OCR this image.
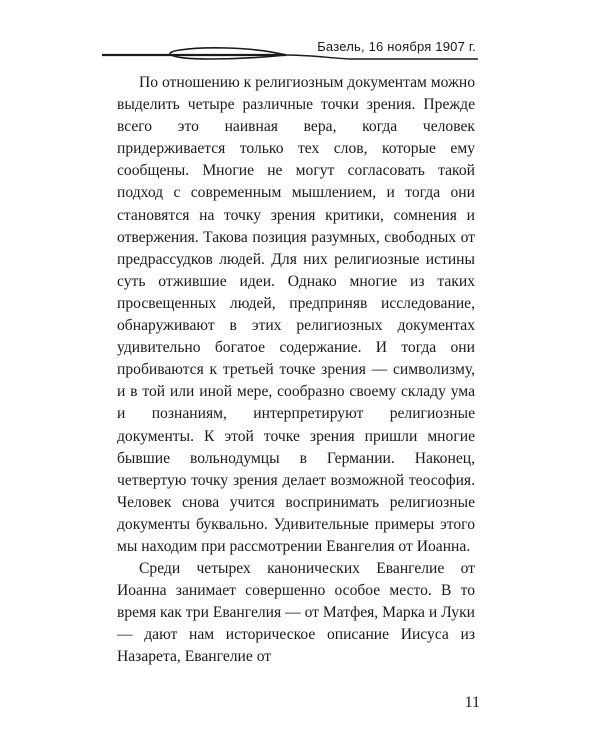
Базель, 16 ноября 1907 г.

По отношению к религиозным документам можно выделить четыре различные точки зрения. Прежде всего это наивная вера, когда человек придерживается только тех слов, которые ему сообщены. Многие не могут согласовать такой подход с современным мышлением, и тогда они становятся на точку зрения критики, сомнения и отвержения. Такова позиция разумных, свободных от предрассудков людей. Для них религиозные истины суть отжившие идеи. Однако многие из таких просвещенных людей, предприняв исследование, обнаруживают в этих религиозных документах удивительно богатое содержание. И тогда они пробиваются к третьей точке зрения — символизму, и в той или иной мере, сообразно своему складу ума и познаниям, интерпретируют религиозные документы. К этой точке зрения пришли многие бывшие вольнодумцы в Германии. Наконец, четвертую точку зрения делает возможной теософия. Человек снова учится воспринимать религиозные документы буквально. Удивительные примеры этого мы находим при рассмотрении Евангелия от Иоанна.

Среди четырех канонических Евангелие от Иоанна занимает совершенно особое место. В то время как три Евангелия — от Матфея, Марка и Луки — дают нам историческое описание Иисуса из Назарета, Евангелие от

11
